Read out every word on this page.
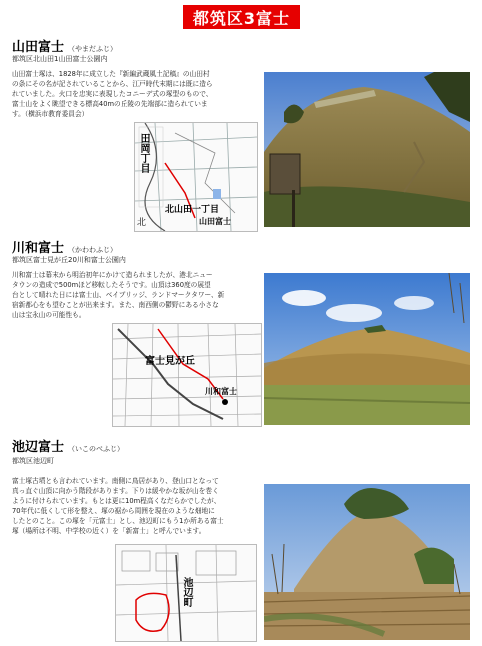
都筑区3富士
山田富士 （やまだふじ）
都筑区北山田1山田富士公園内
山田富士塚は、1828年に成立した『新編武蔵風土記稿』の山田村
の条にその名が記されていることから、江戸時代末期には既に造ら
れていました。火口を忠実に表現したコニーデ式の塚型のもので、
富士山をよく眺望できる標高40mの丘陵の先端部に造られていま
す。（横浜市教育委員会）
田岡丁目
北山田一丁目
山田富士
北
川和富士 （かわわふじ）
都筑区富士見が丘20川和富士公園内
川和富士は幕末から明治初年にかけて造られましたが、港北ニュー
タウンの造成で500mほど移転したそうです。山頂は360度の展望
台として晴れた日には富士山、ベイブリッジ、ランドマークタワー、新
宿新都心をも望むことが出来ます。また、南西側の鬱野にある小さな
山は宝永山の可能性も。
富士見が丘
川和富士
池辺富士 （いこのべふじ）
都筑区池辺町
富士塚古墳とも言われています。南側に鳥居があり、登山口となって
真っ直ぐ山頂に向かう階段があります。下りは緩やかな坂が山を巻く
ように付けられています。もとは更に10m程高くなだらかでしたが、
70年代に低くして形を整え、塚の裾から周囲を現在のような畑地に
したとのこと。この塚を「元富士」とし、池辺町にもう1か所ある富士
塚（場所は不明、中学校の近く）を「新富士」と呼んでいます。
池辺町
